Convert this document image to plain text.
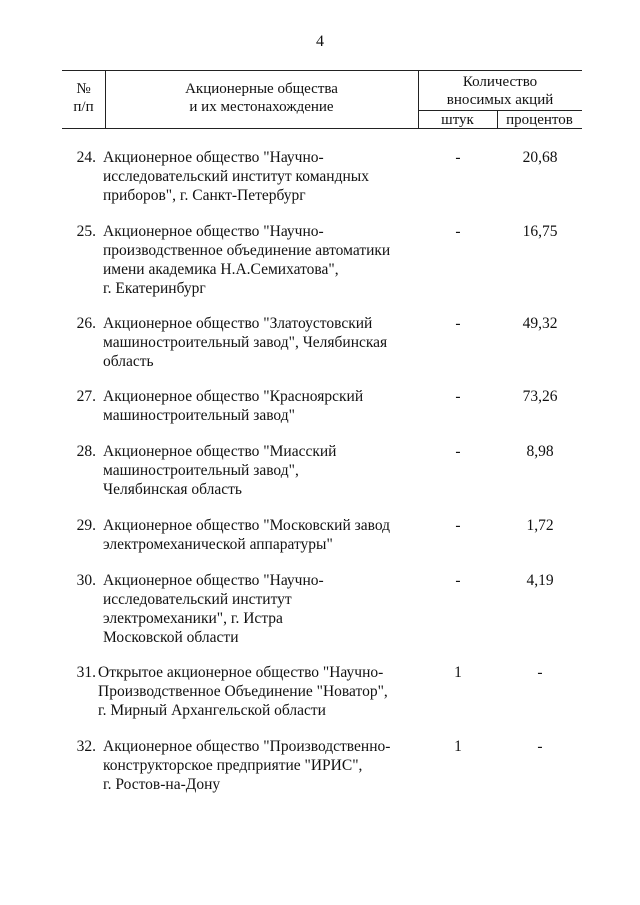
4
№
п/п
Акционерные общества
и их местонахождение
Количество
вносимых акций
штук	процентов
24. Акционерное общество "Научно-
исследовательский институт командных
приборов", г. Санкт-Петербург
-	20,68
25. Акционерное общество "Научно-
производственное объединение автоматики
имени академика Н.А.Семихатова",
г. Екатеринбург
-	16,75
26. Акционерное общество "Златоустовский
машиностроительный завод", Челябинская
область
-	49,32
27. Акционерное общество "Красноярский
машиностроительный завод"
-	73,26
28. Акционерное общество "Миасский
машиностроительный завод",
Челябинская область
-	8,98
29. Акционерное общество "Московский завод
электромеханической аппаратуры"
-	1,72
30. Акционерное общество "Научно-
исследовательский институт
электромеханики", г. Истра
Московской области
-	4,19
31. Открытое акционерное общество "Научно-
Производственное Объединение "Новатор",
г. Мирный Архангельской области
1	-
32. Акционерное общество "Производственно-
конструкторское предприятие "ИРИС",
г. Ростов-на-Дону
1	-
